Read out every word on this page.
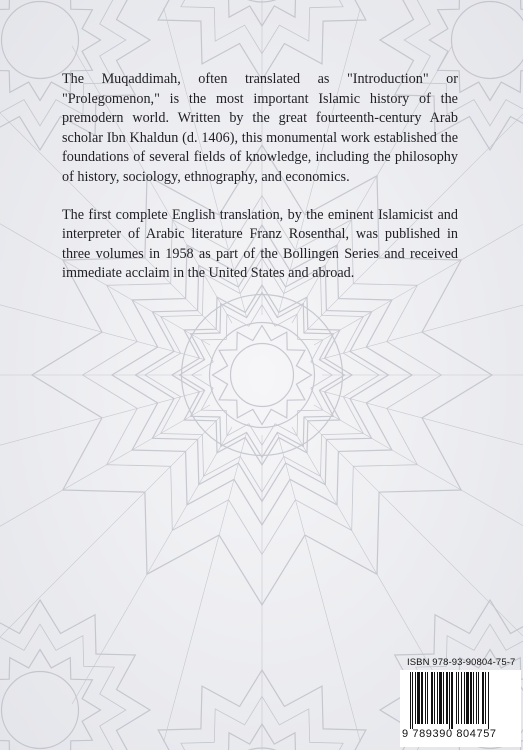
The Muqaddimah, often translated as "Introduction" or "Prolegomenon," is the most important Islamic history of the premodern world. Written by the great fourteenth-century Arab scholar Ibn Khaldun (d. 1406), this monumental work established the foundations of several fields of knowledge, including the philosophy of history, sociology, ethnography, and economics.

The first complete English translation, by the eminent Islamicist and interpreter of Arabic literature Franz Rosenthal, was published in three volumes in 1958 as part of the Bollingen Series and received immediate acclaim in the United States and abroad.

ISBN 978-93-90804-75-7
9 789390 804757
